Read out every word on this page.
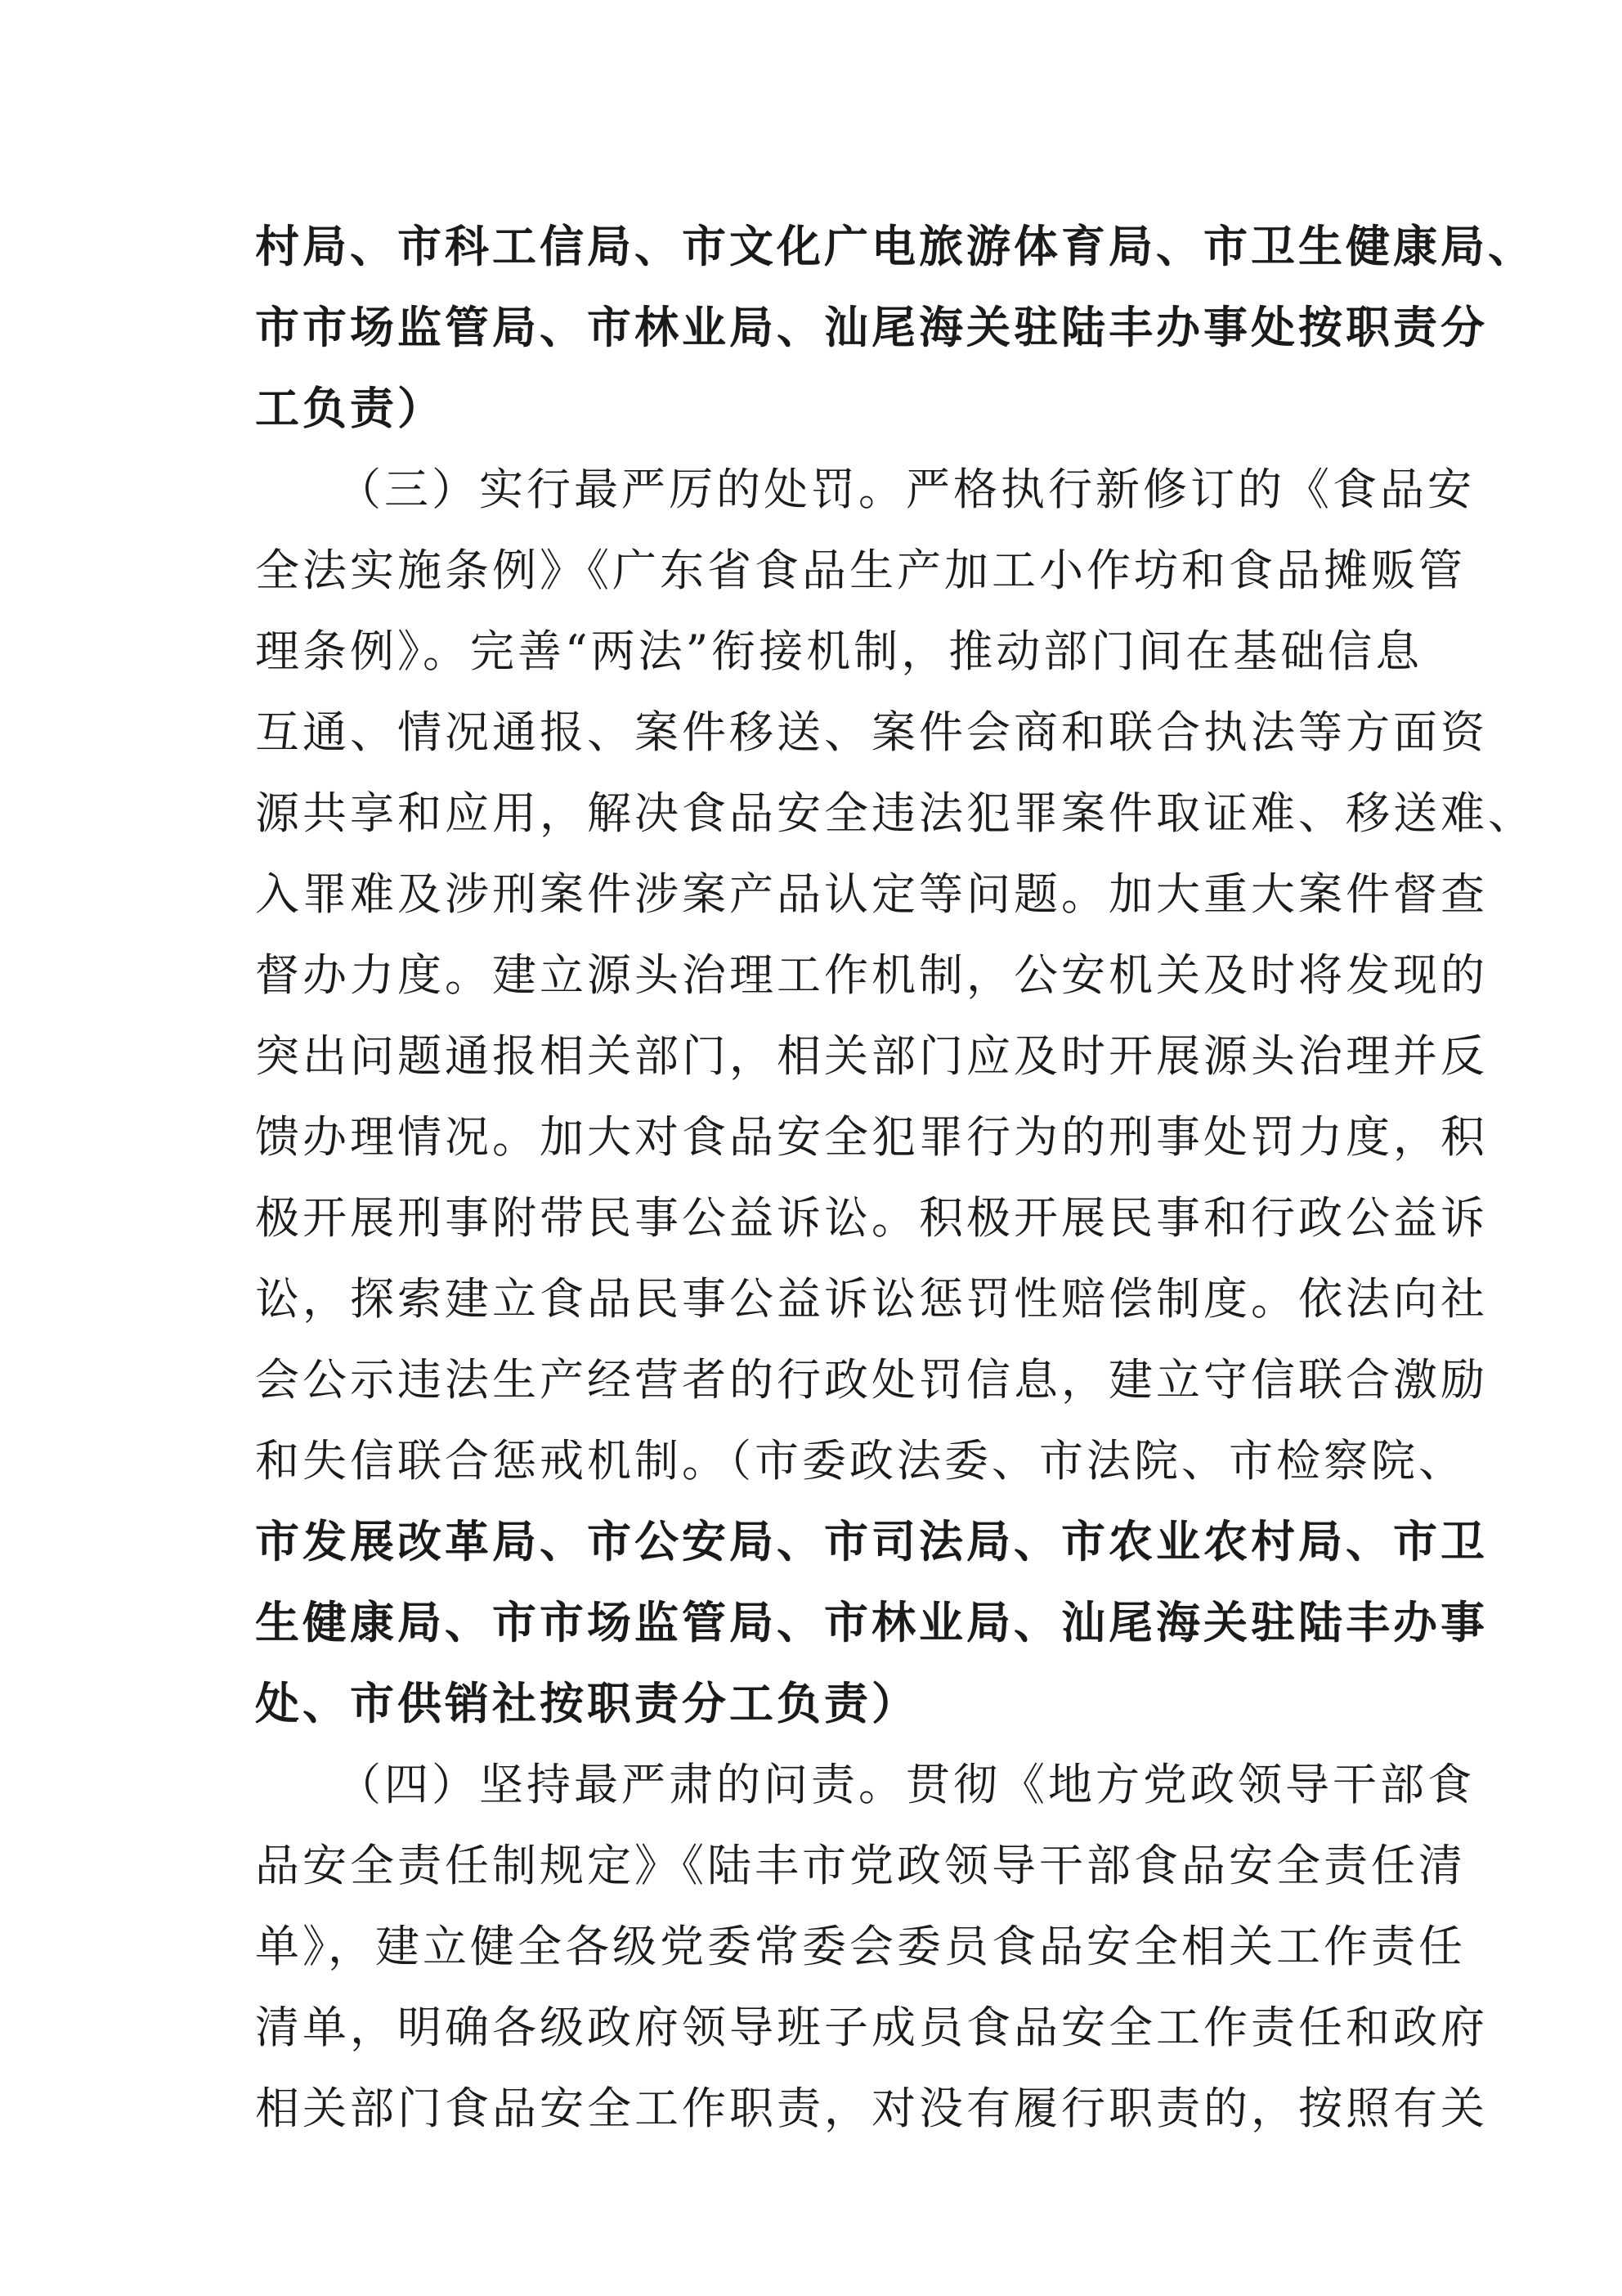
村局、市科工信局、市文化广电旅游体育局、市卫生健康局、
市市场监管局、市林业局、汕尾海关驻陆丰办事处按职责分
工负责）
（三）实行最严厉的处罚。严格执行新修订的《食品安
全法实施条例》《广东省食品生产加工小作坊和食品摊贩管
理条例》。完善“两法”衔接机制，推动部门间在基础信息
互通、情况通报、案件移送、案件会商和联合执法等方面资
源共享和应用，解决食品安全违法犯罪案件取证难、移送难、
入罪难及涉刑案件涉案产品认定等问题。加大重大案件督查
督办力度。建立源头治理工作机制，公安机关及时将发现的
突出问题通报相关部门，相关部门应及时开展源头治理并反
馈办理情况。加大对食品安全犯罪行为的刑事处罚力度，积
极开展刑事附带民事公益诉讼。积极开展民事和行政公益诉
讼，探索建立食品民事公益诉讼惩罚性赔偿制度。依法向社
会公示违法生产经营者的行政处罚信息，建立守信联合激励
和失信联合惩戒机制。（市委政法委、市法院、市检察院、
市发展改革局、市公安局、市司法局、市农业农村局、市卫
生健康局、市市场监管局、市林业局、汕尾海关驻陆丰办事
处、市供销社按职责分工负责）
（四）坚持最严肃的问责。贯彻《地方党政领导干部食
品安全责任制规定》《陆丰市党政领导干部食品安全责任清
单》，建立健全各级党委常委会委员食品安全相关工作责任
清单，明确各级政府领导班子成员食品安全工作责任和政府
相关部门食品安全工作职责，对没有履行职责的，按照有关
